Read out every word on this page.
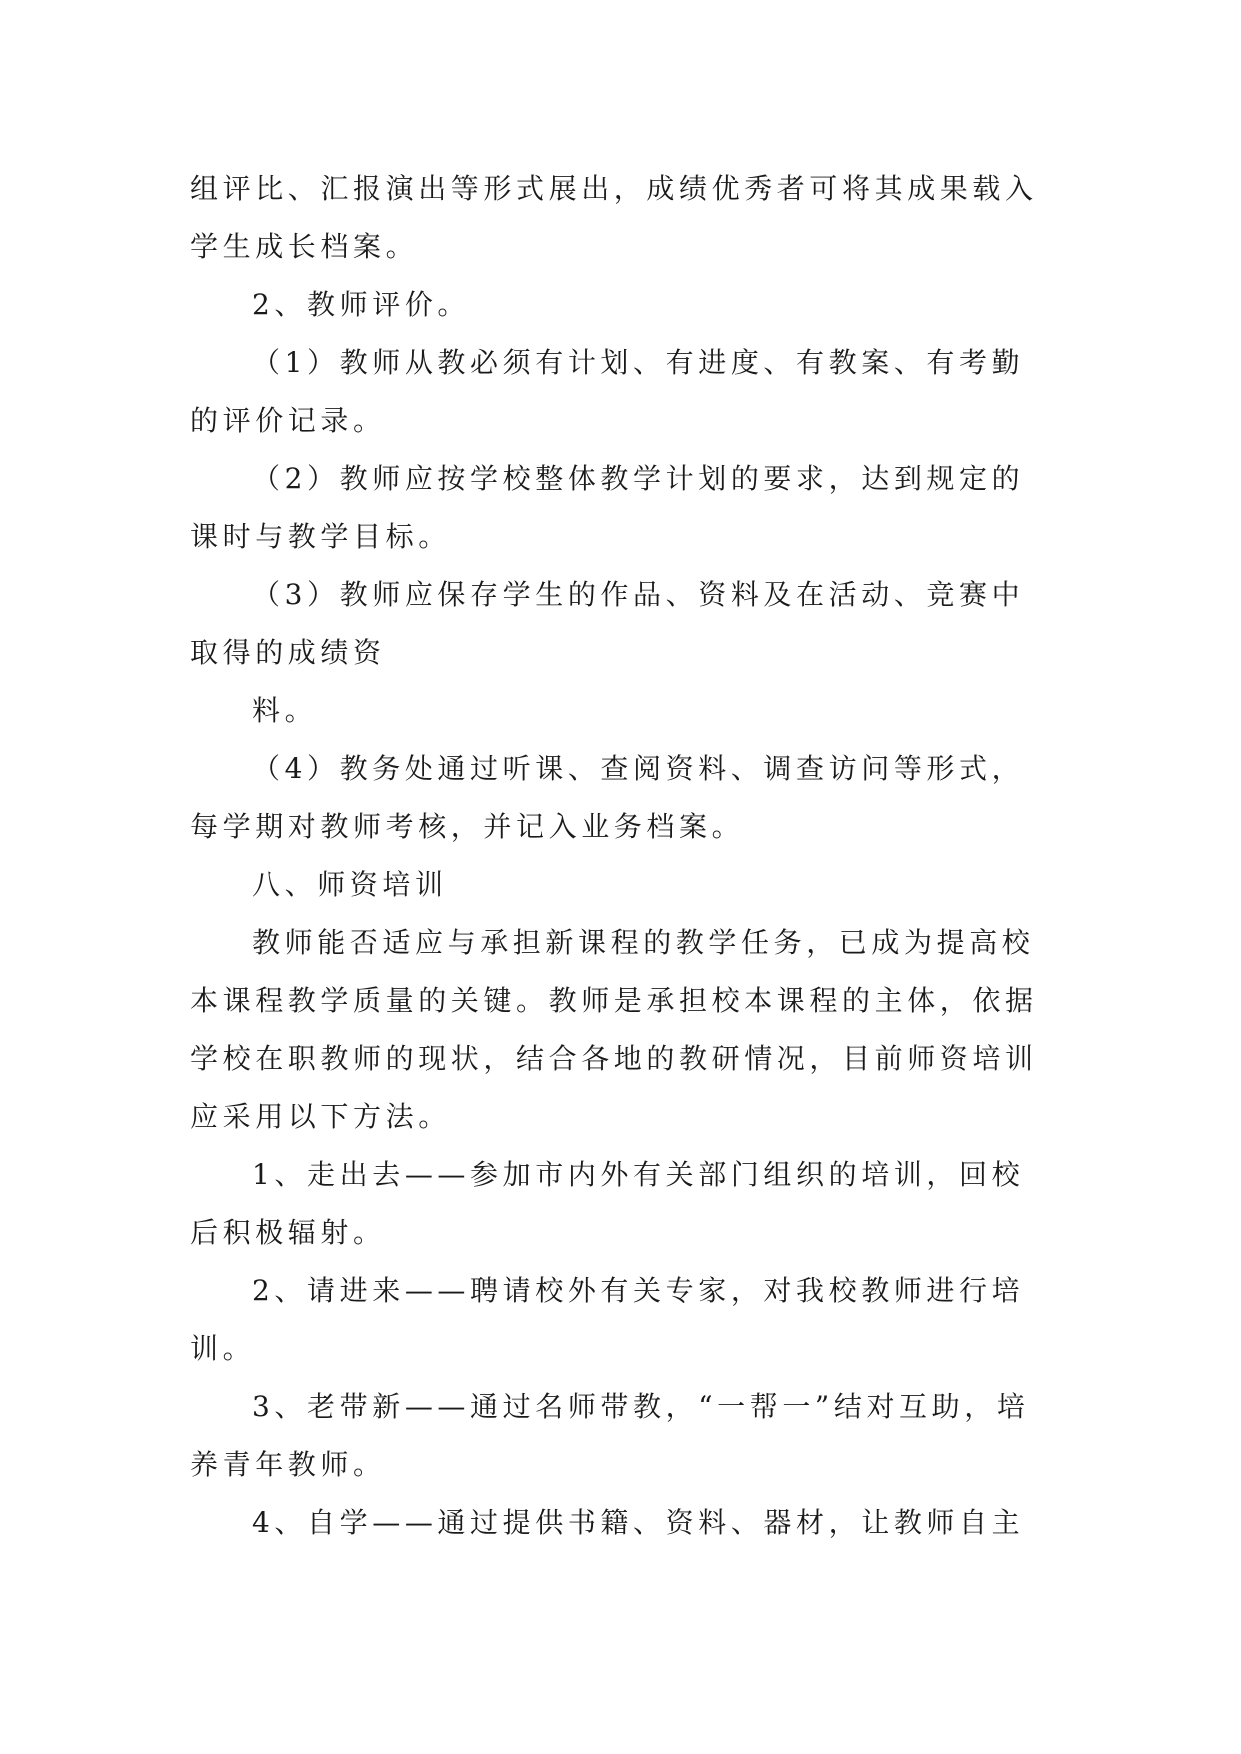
组评比、汇报演出等形式展出，成绩优秀者可将其成果载入
学生成长档案。
2、教师评价。
（1）教师从教必须有计划、有进度、有教案、有考勤
的评价记录。
（2）教师应按学校整体教学计划的要求，达到规定的
课时与教学目标。
（3）教师应保存学生的作品、资料及在活动、竞赛中
取得的成绩资
料。
（4）教务处通过听课、查阅资料、调查访问等形式，
每学期对教师考核，并记入业务档案。
八、师资培训
教师能否适应与承担新课程的教学任务，已成为提高校
本课程教学质量的关键。教师是承担校本课程的主体，依据
学校在职教师的现状，结合各地的教研情况，目前师资培训
应采用以下方法。
1、走出去——参加市内外有关部门组织的培训，回校
后积极辐射。
2、请进来——聘请校外有关专家，对我校教师进行培
训。
3、老带新——通过名师带教，“一帮一”结对互助，培
养青年教师。
4、自学——通过提供书籍、资料、器材，让教师自主
